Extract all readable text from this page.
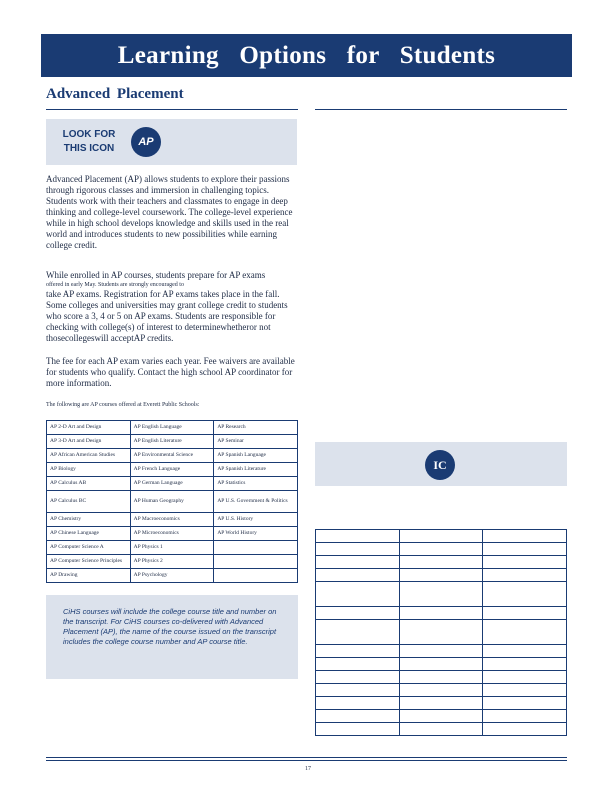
Learning Options for Students
Advanced Placement
LOOK FOR THIS ICON
AP
Advanced Placement (AP) allows students to explore their passions through rigorous classes and immersion in challenging topics. Students work with their teachers and classmates to engage in deep thinking and college-level coursework. The college-level experience while in high school develops knowledge and skills used in the real world and introduces students to new possibilities while earning college credit.
While enrolled in AP courses, students prepare for AP exams
offered in early May. Students are strongly encouraged to
take AP exams. Registration for AP exams takes place in the fall. Some colleges and universities may grant college credit to students who score a 3, 4 or 5 on AP exams. Students are responsible for checking with college(s) of interest to determinewhetheror not thosecollegeswill acceptAP credits.
The fee for each AP exam varies each year. Fee waivers are available for students who qualify. Contact the high school AP coordinator for more information.
The following are AP courses offered at Everett Public Schools:
AP 2-D Art and Design	AP English Language	AP Research
AP 3-D Art and Design	AP English Literature	AP Seminar
AP African American Studies	AP Environmental Science	AP Spanish Language
AP Biology	AP French Language	AP Spanish Literature
AP Calculus AB	AP German Language	AP Statistics
AP Calculus BC	AP Human Geography	AP U.S. Government & Politics
AP Chemistry	AP Macroeconomics	AP U.S. History
AP Chinese Language	AP Microeconomics	AP World History
AP Computer Science A	AP Physics 1	
AP Computer Science Principles	AP Physics 2	
AP Drawing	AP Psychology	
CiHS courses will include the college course title and number on the transcript. For CiHS courses co-delivered with Advanced Placement (AP), the name of the course issued on the transcript includes the college course number and AP course title.
IC

17
